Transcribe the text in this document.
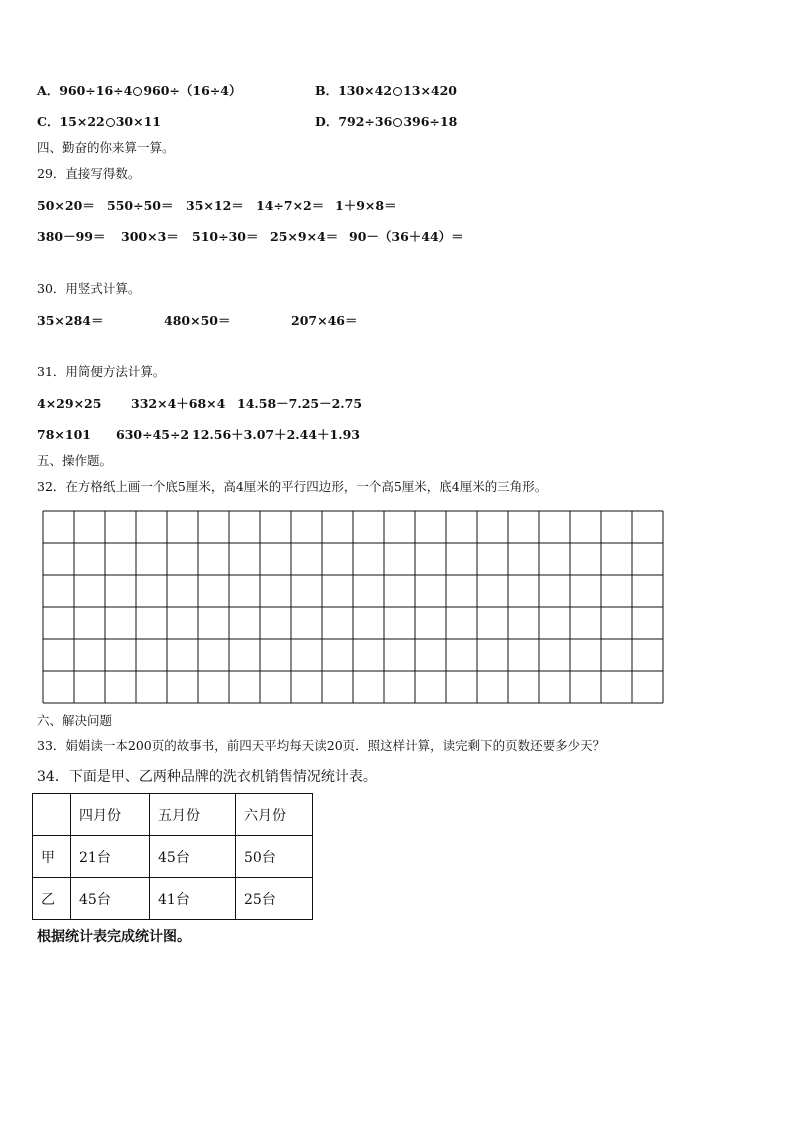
A．960÷16÷4 960÷（16÷4）	B．130×42 13×420
C．15×22 30×11	D．792÷36 396÷18
四、勤奋的你来算一算。
29．直接写得数。
50×20＝ 550÷50＝ 35×12＝ 14÷7×2＝ 1＋9×8＝
380－99＝ 300×3＝ 510÷30＝ 25×9×4＝ 90－（36＋44）＝
30．用竖式计算。
35×284＝	480×50＝	207×46＝
31．用简便方法计算。
4×29×25 332×4＋68×4 14.58－7.25－2.75
78×101 630÷45÷2 12.56＋3.07＋2.44＋1.93
五、操作题。
32．在方格纸上画一个底5厘米，高4厘米的平行四边形，一个高5厘米，底4厘米的三角形。
六、解决问题
33．娟娟读一本200页的故事书，前四天平均每天读20页．照这样计算，读完剩下的页数还要多少天？
34．下面是甲、乙两种品牌的洗衣机销售情况统计表。
	四月份	五月份	六月份
甲	21台	45台	50台
乙	45台	41台	25台
根据统计表完成统计图。
